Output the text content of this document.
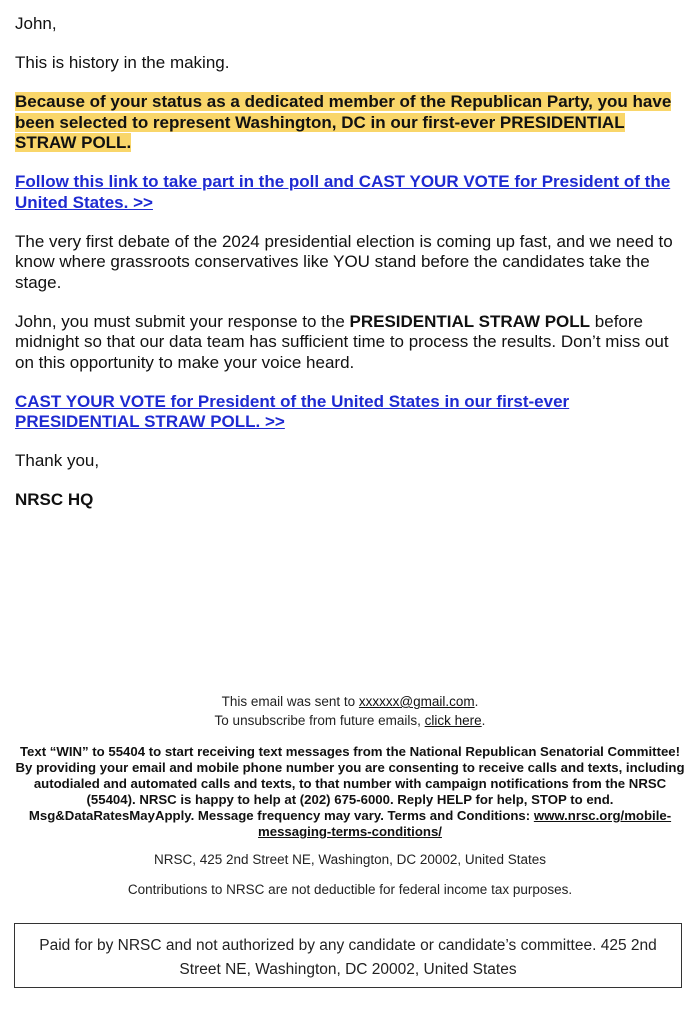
John,

This is history in the making.

Because of your status as a dedicated member of the Republican Party, you have been selected to represent Washington, DC in our first-ever PRESIDENTIAL STRAW POLL.

Follow this link to take part in the poll and CAST YOUR VOTE for President of the United States. >>

The very first debate of the 2024 presidential election is coming up fast, and we need to know where grassroots conservatives like YOU stand before the candidates take the stage.

John, you must submit your response to the PRESIDENTIAL STRAW POLL before midnight so that our data team has sufficient time to process the results. Don’t miss out on this opportunity to make your voice heard.

CAST YOUR VOTE for President of the United States in our first-ever PRESIDENTIAL STRAW POLL. >>

Thank you,

NRSC HQ

This email was sent to xxxxxx@gmail.com.
To unsubscribe from future emails, click here.
Text “WIN” to 55404 to start receiving text messages from the National Republican Senatorial Committee! By providing your email and mobile phone number you are consenting to receive calls and texts, including autodialed and automated calls and texts, to that number with campaign notifications from the NRSC (55404). NRSC is happy to help at (202) 675-6000. Reply HELP for help, STOP to end. Msg&DataRatesMayApply. Message frequency may vary. Terms and Conditions: www.nrsc.org/mobile-messaging-terms-conditions/
NRSC, 425 2nd Street NE, Washington, DC 20002, United States
Contributions to NRSC are not deductible for federal income tax purposes.
Paid for by NRSC and not authorized by any candidate or candidate’s committee. 425 2nd Street NE, Washington, DC 20002, United States
